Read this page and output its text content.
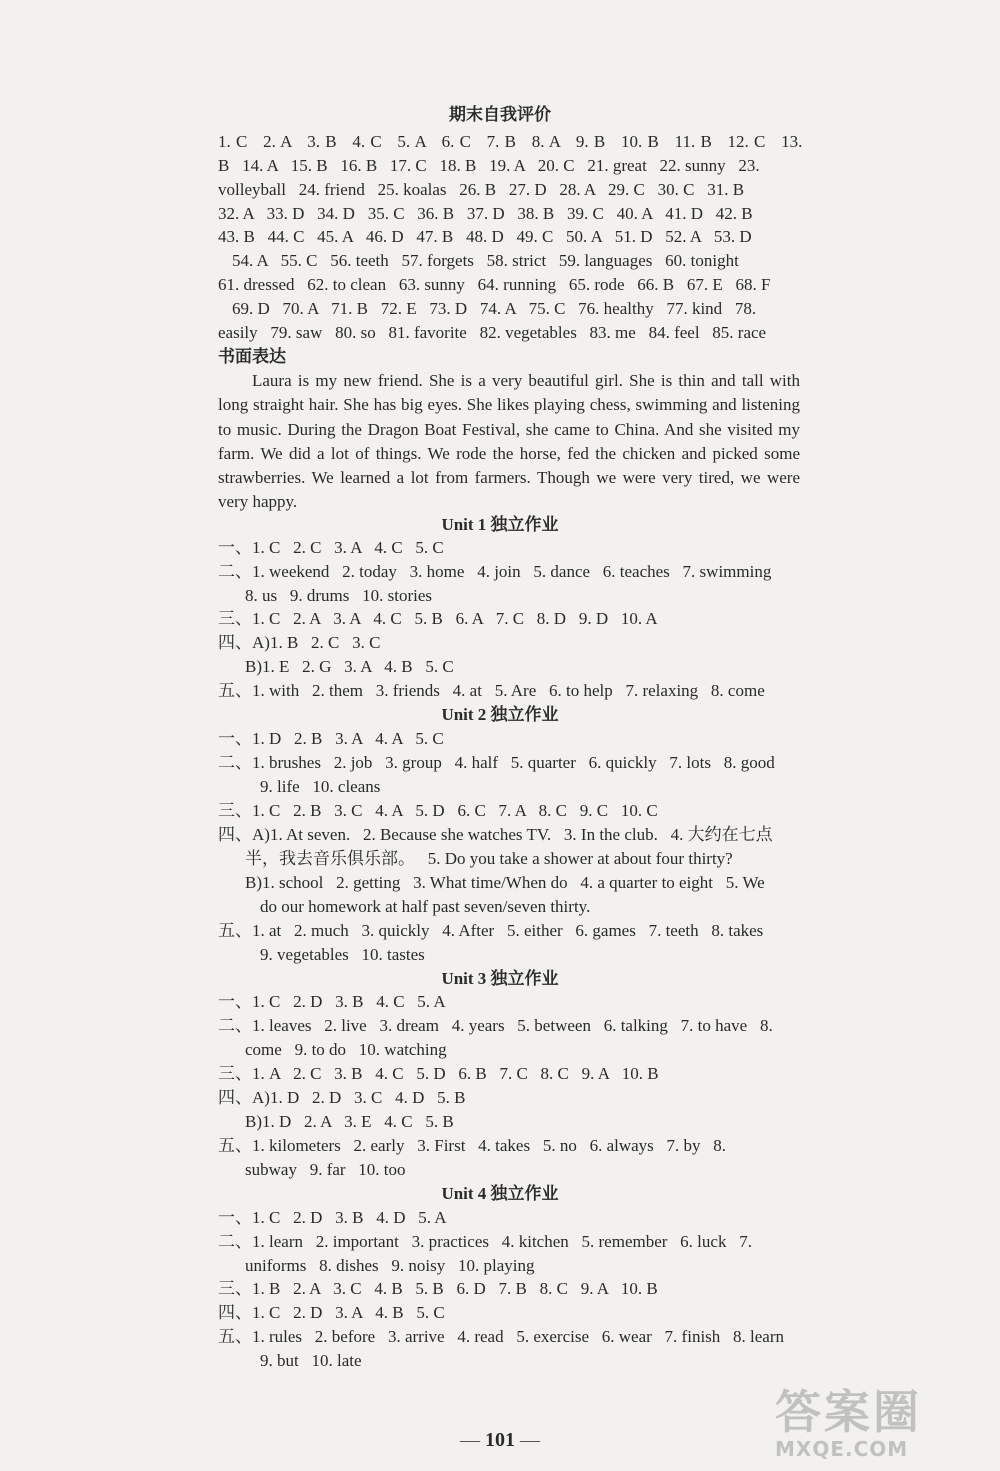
期末自我评价
1. C   2. A   3. B   4. C   5. A   6. C   7. B   8. A   9. B   10. B   11. B   12. C   13.
B   14. A   15. B   16. B   17. C   18. B   19. A   20. C   21. great   22. sunny   23.
volleyball   24. friend   25. koalas   26. B   27. D   28. A   29. C   30. C   31. B
32. A   33. D   34. D   35. C   36. B   37. D   38. B   39. C   40. A   41. D   42. B
43. B   44. C   45. A   46. D   47. B   48. D   49. C   50. A   51. D   52. A   53. D
54. A   55. C   56. teeth   57. forgets   58. strict   59. languages   60. tonight
61. dressed   62. to clean   63. sunny   64. running   65. rode   66. B   67. E   68. F
69. D   70. A   71. B   72. E   73. D   74. A   75. C   76. healthy   77. kind   78.
easily   79. saw   80. so   81. favorite   82. vegetables   83. me   84. feel   85. race
书面表达

Laura is my new friend. She is a very beautiful girl. She is thin and tall with long straight hair. She has big eyes. She likes playing chess, swimming and listening to music. During the Dragon Boat Festival, she came to China. And she visited my farm. We did a lot of things. We rode the horse, fed the chicken and picked some strawberries. We learned a lot from farmers. Though we were very tired, we were very happy.

Unit 1 独立作业
一、1. C   2. C   3. A   4. C   5. C
二、1. weekend   2. today   3. home   4. join   5. dance   6. teaches   7. swimming
8. us   9. drums   10. stories
三、1. C   2. A   3. A   4. C   5. B   6. A   7. C   8. D   9. D   10. A
四、A)1. B   2. C   3. C
B)1. E   2. G   3. A   4. B   5. C
五、1. with   2. them   3. friends   4. at   5. Are   6. to help   7. relaxing   8. come
Unit 2 独立作业
一、1. D   2. B   3. A   4. A   5. C
二、1. brushes   2. job   3. group   4. half   5. quarter   6. quickly   7. lots   8. good
9. life   10. cleans
三、1. C   2. B   3. C   4. A   5. D   6. C   7. A   8. C   9. C   10. C
四、A)1. At seven.   2. Because she watches TV.   3. In the club.   4. 大约在七点
半，我去音乐俱乐部。   5. Do you take a shower at about four thirty?
B)1. school   2. getting   3. What time/When do   4. a quarter to eight   5. We
do our homework at half past seven/seven thirty.
五、1. at   2. much   3. quickly   4. After   5. either   6. games   7. teeth   8. takes
9. vegetables   10. tastes
Unit 3 独立作业
一、1. C   2. D   3. B   4. C   5. A
二、1. leaves   2. live   3. dream   4. years   5. between   6. talking   7. to have   8.
come   9. to do   10. watching
三、1. A   2. C   3. B   4. C   5. D   6. B   7. C   8. C   9. A   10. B
四、A)1. D   2. D   3. C   4. D   5. B
B)1. D   2. A   3. E   4. C   5. B
五、1. kilometers   2. early   3. First   4. takes   5. no   6. always   7. by   8.
subway   9. far   10. too
Unit 4 独立作业
一、1. C   2. D   3. B   4. D   5. A
二、1. learn   2. important   3. practices   4. kitchen   5. remember   6. luck   7.
uniforms   8. dishes   9. noisy   10. playing
三、1. B   2. A   3. C   4. B   5. B   6. D   7. B   8. C   9. A   10. B
四、1. C   2. D   3. A   4. B   5. C
五、1. rules   2. before   3. arrive   4. read   5. exercise   6. wear   7. finish   8. learn
9. but   10. late
— 101 —
答案圈
MXQE.COM
